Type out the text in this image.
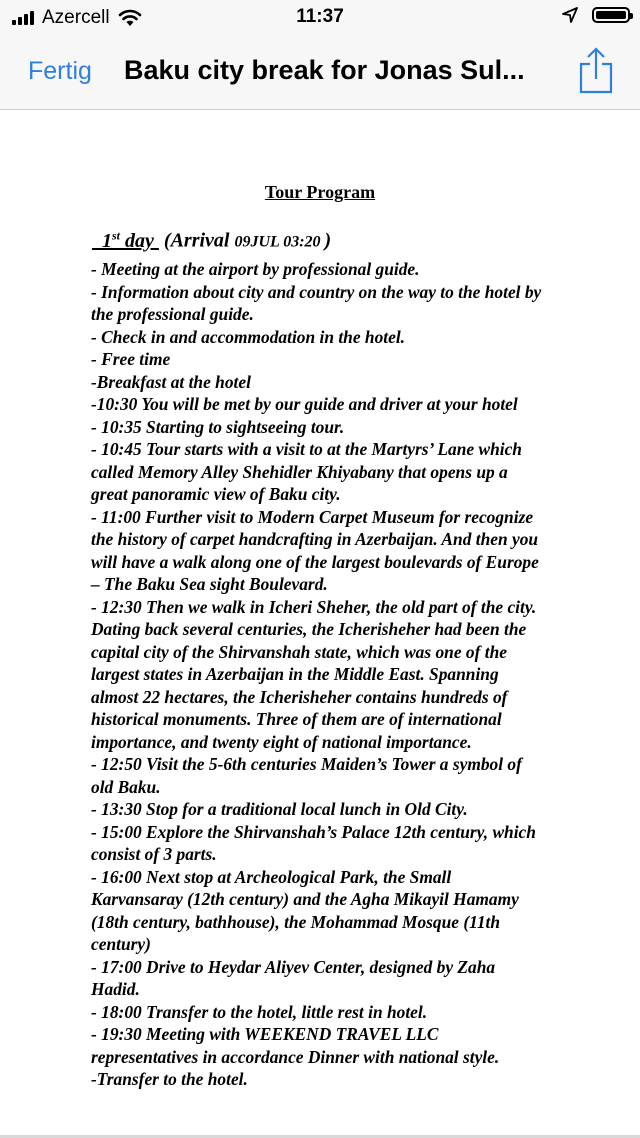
Azercell	11:37
Fertig Baku city break for Jonas Sul...
Tour Program
1st day  (Arrival 09JUL 03:20 )
- Meeting at the airport by professional guide.
- Information about city and country on the way to the hotel by
the professional guide.
- Check in and accommodation in the hotel.
- Free time
-Breakfast at the hotel
-10:30 You will be met by our guide and driver at your hotel
- 10:35 Starting to sightseeing tour.
- 10:45 Tour starts with a visit to at the Martyrs’ Lane which
called Memory Alley Shehidler Khiyabany that opens up a
great panoramic view of Baku city.
- 11:00 Further visit to Modern Carpet Museum for recognize
the history of carpet handcrafting in Azerbaijan. And then you
will have a walk along one of the largest boulevards of Europe
– The Baku Sea sight Boulevard.
- 12:30 Then we walk in Icheri Sheher, the old part of the city.
Dating back several centuries, the Icherisheher had been the
capital city of the Shirvanshah state, which was one of the
largest states in Azerbaijan in the Middle East. Spanning
almost 22 hectares, the Icherisheher contains hundreds of
historical monuments. Three of them are of international
importance, and twenty eight of national importance.
- 12:50 Visit the 5-6th centuries Maiden’s Tower a symbol of
old Baku.
- 13:30 Stop for a traditional local lunch in Old City.
- 15:00 Explore the Shirvanshah’s Palace 12th century, which
consist of 3 parts.
- 16:00 Next stop at Archeological Park, the Small
Karvansaray (12th century) and the Agha Mikayil Hamamy
(18th century, bathhouse), the Mohammad Mosque (11th
century)
- 17:00 Drive to Heydar Aliyev Center, designed by Zaha
Hadid.
- 18:00 Transfer to the hotel, little rest in hotel.
- 19:30 Meeting with WEEKEND TRAVEL LLC
representatives in accordance Dinner with national style.
-Transfer to the hotel.
